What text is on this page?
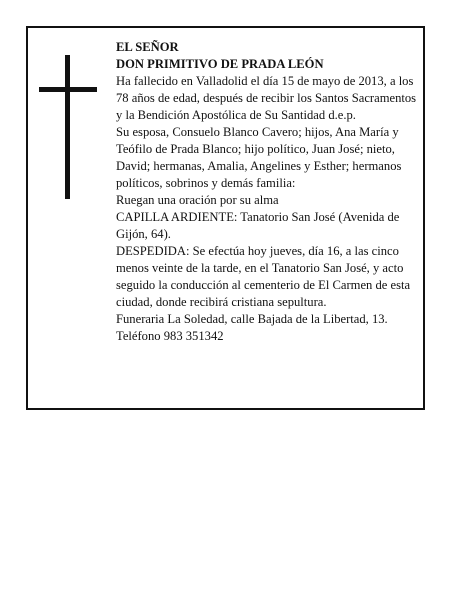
EL SEÑOR

DON PRIMITIVO DE PRADA LEÓN

Ha fallecido en Valladolid el día 15 de mayo de 2013, a los 78 años de edad, después de recibir los Santos Sacramentos y la Bendición Apostólica de Su Santidad d.e.p.

Su esposa, Consuelo Blanco Cavero; hijos, Ana María y Teófilo de Prada Blanco; hijo político, Juan José; nieto, David; hermanas, Amalia, Angelines y Esther; hermanos políticos, sobrinos y demás familia:

Ruegan una oración por su alma

CAPILLA ARDIENTE: Tanatorio San José (Avenida de Gijón, 64).

DESPEDIDA: Se efectúa hoy jueves, día 16, a las cinco menos veinte de la tarde, en el Tanatorio San José, y acto seguido la conducción al cementerio de El Carmen de esta ciudad, donde recibirá cristiana sepultura.

Funeraria La Soledad, calle Bajada de la Libertad, 13.

Teléfono 983 351342
